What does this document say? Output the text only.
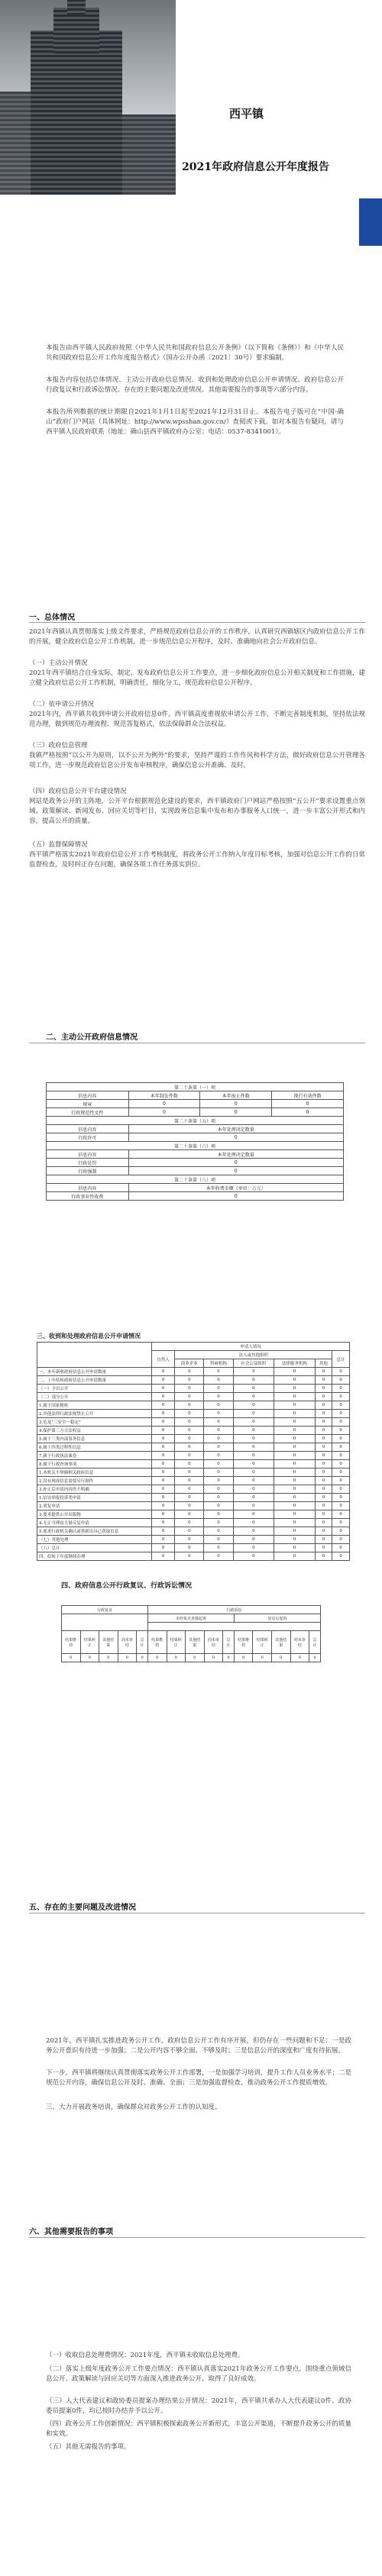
西平镇
2021年政府信息公开年度报告
本报告由西平镇人民政府按照《中华人民共和国政府信息公开条例》（以下简称《条例》）和《中华人民共和国政府信息公开工作年度报告格式》（国办公开办函〔2021〕30号）要求编制。
本报告内容包括总体情况、主动公开政府信息情况、收到和处理政府信息公开申请情况、政府信息公开行政复议和行政诉讼情况、存在的主要问题及改进情况、其他需要报告的事项等六部分内容。
本报告所列数据的统计期限自2021年1月1日起至2021年12月31日止。本报告电子版可在“中国·确山”政府门户网站（具体网址：http://www.wpsshan.gov.cn/）查阅或下载。如对本报告有疑问，请与西平镇人民政府联系（地址：确山县西平镇政府办公室；电话：0537-8341001）。
一、总体情况
2021年西镇认真贯彻落实上级文件要求，严格规范政府信息公开的工作秩序，认真研究西镇辖区内政府信息公开工作的开展，健全政府信息公开工作机制，进一步规范信息公开程序，及时、准确地向社会公开政府信息。
（一）主动公开情况
2021年西平镇结合自身实际，制定、发布政府信息公开工作要点，进一步细化政府信息公开相关制度和工作措施，建立健全政府信息公开工作机制，明确责任，细化分工，规范政府信息公开程序。
（二）依申请公开情况
2021年内，西平镇共收到申请公开政府信息0件。西平镇高度重视依申请公开工作，不断完善制度机制，坚持依法规范办理，做到规范办理流程、规范答复格式，依法保障群众合法权益。
（三）政府信息管理
我镇严格按照“以公开为原则，以不公开为例外”的要求，坚持严谨的工作作风和科学方法，做好政府信息公开管理各项工作，进一步规范政府信息公开发布审核程序，确保信息公开准确、及时。
（四）政府信息公开平台建设情况
网站是政务公开的主阵地，公开平台根据规范化建设的要求，西平镇政府门户网站严格按照“五公开”要求设置重点领域、政策解读、新闻发布、回应关切等栏目，实现政务信息集中发布和办事服务入口统一，进一步丰富公开形式和内容，提高公开的质量。
（五）监督保障情况
西平镇严格落实2021年政府信息公开工作考核制度，将政务公开工作纳入年度目标考核，加强对信息公开工作的日常监督检查，及时纠正存在问题，确保各项工作任务落实到位。
二、主动公开政府信息情况
第二十条第（一）项			
信息内容	本年制发件数	本年废止件数	现行有效件数
规章	0	0	0
行政规范性文件	0	0	0
第二十条第（五）项			
信息内容	本年处理决定数量		
行政许可	0		
第二十条第（六）项			
信息内容	本年处理决定数量		
行政处罚	0		
行政强制	0		
第二十条第（八）项			
信息内容	本年收费金额（单位：万元）		
行政事业性收费	0		
三、收到和处理政府信息公开申请情况
	申请人情况						
	自然人	法人或其他组织					总计
		商业企业	科研机构	社会公益组织	法律服务机构	其他	
一、本年新收政府信息公开申请数量	0	0	0	0	0	0	0
二、上年结转政府信息公开申请数量	0	0	0	0	0	0	0
（一）予以公开	0	0	0	0	0	0	0
（二）部分公开	0	0	0	0	0	0	0
1.属于国家秘密	0	0	0	0	0	0	0
2.其他法律行政法规禁止公开	0	0	0	0	0	0	0
3.危及“三安全一稳定”	0	0	0	0	0	0	0
4.保护第三方合法权益	0	0	0	0	0	0	0
5.属于三类内部事务信息	0	0	0	0	0	0	0
6.属于四类过程性信息	0	0	0	0	0	0	0
7.属于行政执法案卷	0	0	0	0	0	0	0
8.属于行政查询事项	0	0	0	0	0	0	0
1.本机关不掌握相关政府信息	0	0	0	0	0	0	0
2.没有现成信息需要另行制作	0	0	0	0	0	0	0
3.补正后申请内容仍不明确	0	0	0	0	0	0	0
1.信访举报投诉类申请	0	0	0	0	0	0	0
2.重复申请	0	0	0	0	0	0	0
3.要求提供公开出版物	0	0	0	0	0	0	0
4.无正当理由大量反复申请	0	0	0	0	0	0	0
5.要求行政机关确认或重新出具已获取信息	0	0	0	0	0	0	0
（七）其他处理	0	0	0	0	0	0	0
（八）总计	0	0	0	0	0	0	0
四、结转下年度继续办理	0	0	0	0	0	0	0
四、政府信息公开行政复议、行政诉讼情况
行政复议					行政诉讼									
					未经复议直接起诉					复议后起诉				

结果维持	结果纠正	其他结果	尚未审结	总计	结果维持	结果纠正	其他结果	尚未审结	总计	结果维持	结果纠正	其他结果	尚未审结	总计
0	0	0	0	0	0	0	0	0	0	0	0	0	0	0
五、存在的主要问题及改进情况
2021年，西平镇扎实推进政务公开工作，政府信息公开工作有序开展，但仍存在一些问题和不足：一是政务公开意识有待进一步加强；二是公开内容不够全面、不够及时；三是信息公开的深度和广度有待拓展。
下一步，西平镇将继续认真贯彻落实政务公开工作部署，一是加强学习培训，提升工作人员业务水平；二是规范公开内容，确保信息公开及时、准确、全面；三是加强监督检查，推动政务公开工作提质增效。
三、大力开展政务培训，确保群众对政务公开工作的认知度。
六、其他需要报告的事项
（一）收取信息处理费情况：2021年度，西平镇未收取信息处理费。
（二）落实上级年度政务公开工作要点情况：西平镇认真落实2021年政务公开工作要点，围绕重点领域信息公开、政策解读与回应关切等方面深入推进政务公开，取得了良好成效。
（三）人大代表建议和政协委员提案办理结果公开情况：2021年，西平镇共承办人大代表建议0件、政协委员提案0件，均已按时办结并予以公开。
（四）政务公开工作创新情况：西平镇积极探索政务公开新形式，丰富公开渠道，不断提升政务公开的质量和实效。
（五）其他无需报告的事项。
